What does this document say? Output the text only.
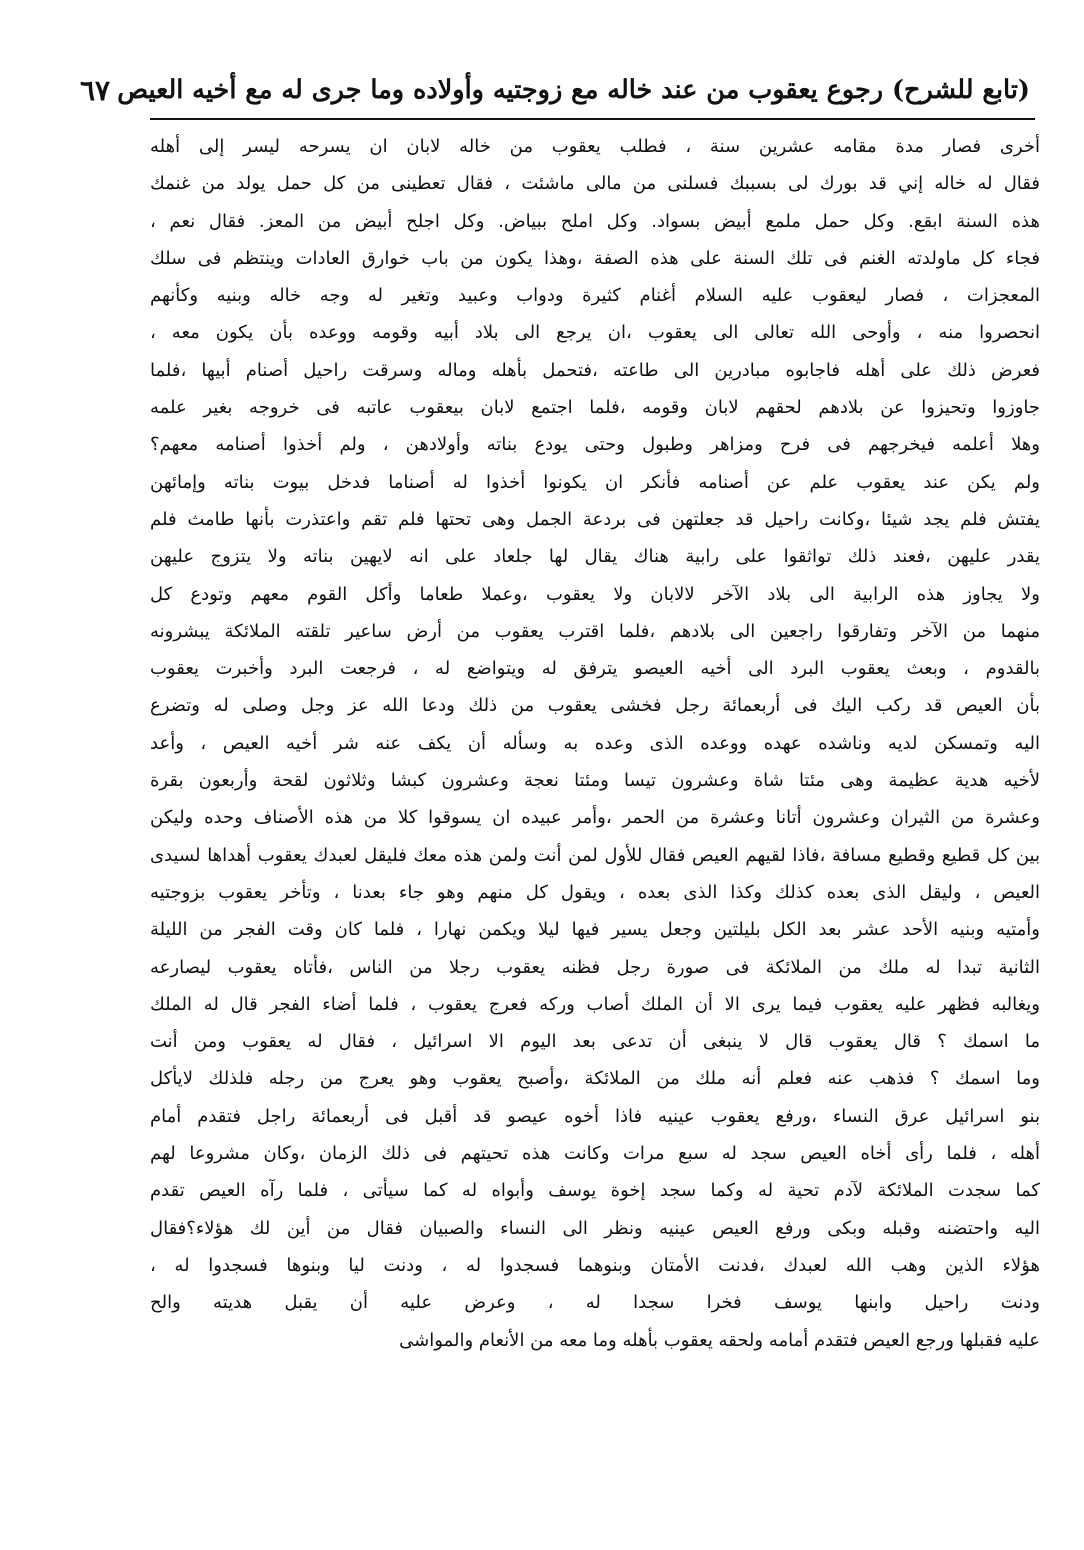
(تابع للشرح) رجوع يعقوب من عند خاله مع زوجتيه وأولاده وما جرى له مع أخيه العيص
٦٧
أخرى فصار مدة مقامه عشرين سنة ، فطلب يعقوب من خاله لابان ان يسرحه ليسر إلى أهله
فقال له خاله إني قد بورك لى بسببك فسلنى من مالى ماشئت ، فقال تعطينى من كل حمل يولد من غنمك
هذه السنة ابقع. وكل حمل ملمع أبيض بسواد. وكل املح ببياض. وكل اجلح أبيض من المعز. فقال نعم ،
فجاء كل ماولدته الغنم فى تلك السنة على هذه الصفة ،وهذا يكون من باب خوارق العادات وينتظم فى سلك
المعجزات ، فصار ليعقوب عليه السلام أغنام كثيرة ودواب وعبيد وتغير له وجه خاله وبنيه وكأنهم
انحصروا منه ، وأوحى الله تعالى الى يعقوب ،ان يرجع الى بلاد أبيه وقومه ووعده بأن يكون معه ،
فعرض ذلك على أهله فاجابوه مبادرين الى طاعته ،فتحمل بأهله وماله وسرقت راحيل أصنام أبيها ،فلما
جاوزوا وتحيزوا عن بلادهم لحقهم لابان وقومه ،فلما اجتمع لابان بيعقوب عاتبه فى خروجه بغير علمه
وهلا أعلمه فيخرجهم فى فرح ومزاهر وطبول وحتى يودع بناته وأولادهن ، ولم أخذوا أصنامه معهم؟
ولم يكن عند يعقوب علم عن أصنامه فأنكر ان يكونوا أخذوا له أصناما فدخل بيوت بناته وإمائهن
يفتش فلم يجد شيئا ،وكانت راحيل قد جعلتهن فى بردعة الجمل وهى تحتها فلم تقم واعتذرت بأنها طامث فلم
يقدر عليهن ،فعند ذلك تواثقوا على رابية هناك يقال لها جلعاد على انه لايهين بناته ولا يتزوج عليهن
ولا يجاوز هذه الرابية الى بلاد الآخر لالابان ولا يعقوب ،وعملا طعاما وأكل القوم معهم وتودع كل
منهما من الآخر وتفارقوا راجعين الى بلادهم ،فلما اقترب يعقوب من أرض ساعير تلقته الملائكة يبشرونه
بالقدوم ، وبعث يعقوب البرد الى أخيه العيصو يترفق له ويتواضع له ، فرجعت البرد وأخبرت يعقوب
بأن العيص قد ركب اليك فى أربعمائة رجل فخشى يعقوب من ذلك ودعا الله عز وجل وصلى له وتضرع
اليه وتمسكن لديه وناشده عهده ووعده الذى وعده به وسأله أن يكف عنه شر أخيه العيص ، وأعد
لأخيه هدية عظيمة وهى مئتا شاة وعشرون تيسا ومئتا نعجة وعشرون كبشا وثلاثون لقحة وأربعون بقرة
وعشرة من الثيران وعشرون أتانا وعشرة من الحمر ،وأمر عبيده ان يسوقوا كلا من هذه الأصناف وحده وليكن
بين كل قطيع وقطيع مسافة ،فاذا لقيهم العيص فقال للأول لمن أنت ولمن هذه معك فليقل لعبدك يعقوب أهداها لسيدى
العيص ، وليقل الذى بعده كذلك وكذا الذى بعده ، ويقول كل منهم وهو جاء بعدنا ، وتأخر يعقوب بزوجتيه
وأمتيه وبنيه الأحد عشر بعد الكل بليلتين وجعل يسير فيها ليلا ويكمن نهارا ، فلما كان وقت الفجر من الليلة
الثانية تبدا له ملك من الملائكة فى صورة رجل فظنه يعقوب رجلا من الناس ،فأتاه يعقوب ليصارعه
ويغالبه فظهر عليه يعقوب فيما يرى الا أن الملك أصاب وركه فعرج يعقوب ، فلما أضاء الفجر قال له الملك
ما اسمك ؟ قال يعقوب قال لا ينبغى أن تدعى بعد اليوم الا اسرائيل ، فقال له يعقوب ومن أنت
وما اسمك ؟ فذهب عنه فعلم أنه ملك من الملائكة ،وأصبح يعقوب وهو يعرج من رجله فلذلك لايأكل
بنو اسرائيل عرق النساء ،ورفع يعقوب عينيه فاذا أخوه عيصو قد أقبل فى أربعمائة راجل فتقدم أمام
أهله ، فلما رأى أخاه العيص سجد له سبع مرات وكانت هذه تحيتهم فى ذلك الزمان ،وكان مشروعا لهم
كما سجدت الملائكة لآدم تحية له وكما سجد إخوة يوسف وأبواه له كما سيأتى ، فلما رآه العيص تقدم
اليه واحتضنه وقبله وبكى ورفع العيص عينيه ونظر الى النساء والصبيان فقال من أين لك هؤلاء؟فقال
هؤلاء الذين وهب الله لعبدك ،فدنت الأمتان وبنوهما فسجدوا له ، ودنت ليا وبنوها فسجدوا له ،
ودنت راحيل وابنها يوسف فخرا سجدا له ، وعرض عليه أن يقبل هديته والح
عليه فقبلها ورجع العيص فتقدم أمامه ولحقه يعقوب بأهله وما معه من الأنعام والمواشى
